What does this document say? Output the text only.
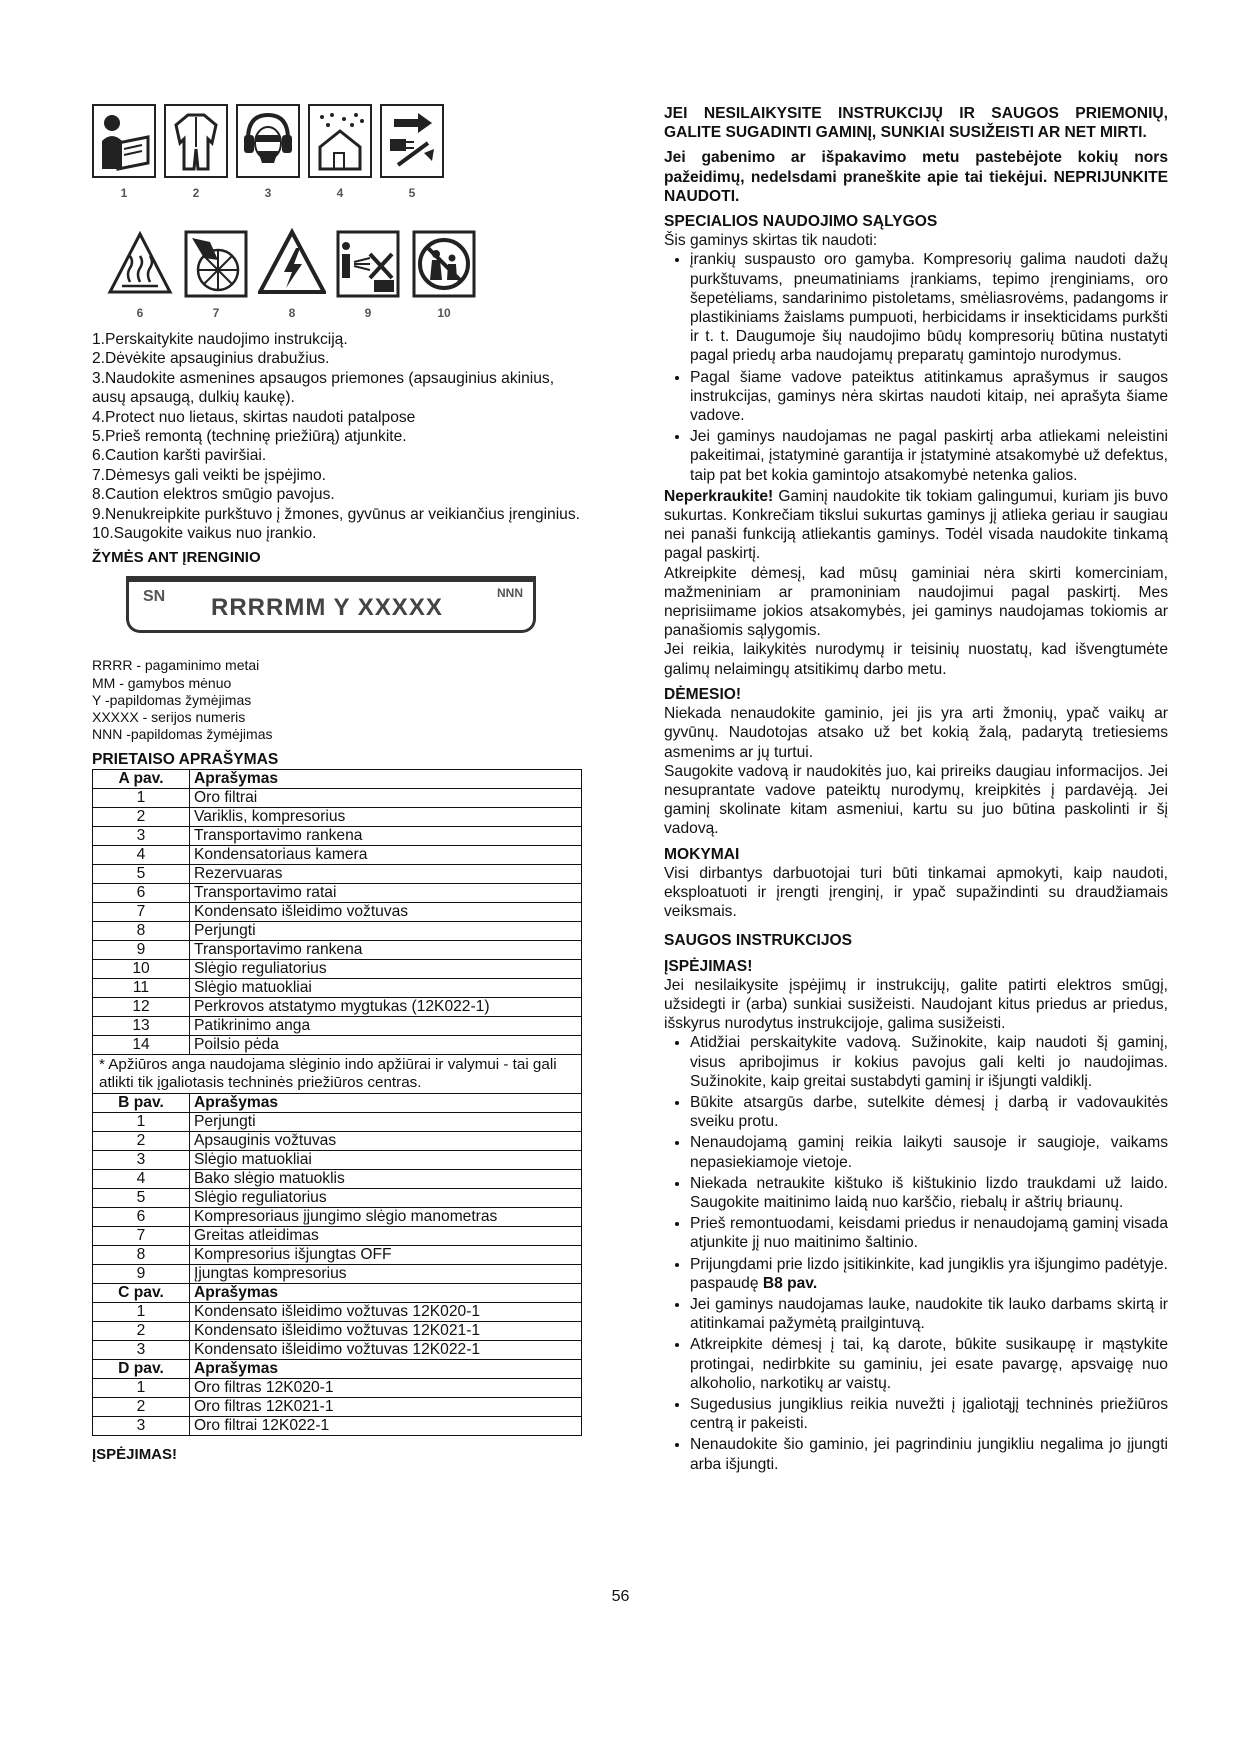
1	2	3	4	5
6	7	8	9	10
1.Perskaitykite naudojimo instrukciją.
2.Dėvėkite apsauginius drabužius.
3.Naudokite asmenines apsaugos priemones (apsauginius akinius, ausų apsaugą, dulkių kaukę).
4.Protect nuo lietaus, skirtas naudoti patalpose
5.Prieš remontą (techninę priežiūrą) atjunkite.
6.Caution karšti paviršiai.
7.Dėmesys gali veikti be įspėjimo.
8.Caution elektros smūgio pavojus.
9.Nenukreipkite purkštuvo į žmones, gyvūnus ar veikiančius įrenginius.
10.Saugokite vaikus nuo įrankio.
ŽYMĖS ANT ĮRENGINIO
SN RRRRMM Y XXXXX
NNN
RRRR - pagaminimo metai
MM - gamybos mėnuo
Y -papildomas žymėjimas
XXXXX - serijos numeris
NNN -papildomas žymėjimas
PRIETAISO APRAŠYMAS
A pav.	Aprašymas
1	Oro filtrai
2	Variklis, kompresorius
3	Transportavimo rankena
4	Kondensatoriaus kamera
5	Rezervuaras
6	Transportavimo ratai
7	Kondensato išleidimo vožtuvas
8	Perjungti
9	Transportavimo rankena
10	Slėgio reguliatorius
11	Slėgio matuokliai
12	Perkrovos atstatymo mygtukas (12K022-1)
13	Patikrinimo anga
14	Poilsio pėda
* Apžiūros anga naudojama slėginio indo apžiūrai ir valymui - tai gali atlikti tik įgaliotasis techninės priežiūros centras.	
B pav.	Aprašymas
1	Perjungti
2	Apsauginis vožtuvas
3	Slėgio matuokliai
4	Bako slėgio matuoklis
5	Slėgio reguliatorius
6	Kompresoriaus įjungimo slėgio manometras
7	Greitas atleidimas
8	Kompresorius išjungtas OFF
9	Įjungtas kompresorius
C pav.	Aprašymas
1	Kondensato išleidimo vožtuvas 12K020-1
2	Kondensato išleidimo vožtuvas 12K021-1
3	Kondensato išleidimo vožtuvas 12K022-1
D pav.	Aprašymas
1	Oro filtras 12K020-1
2	Oro filtras 12K021-1
3	Oro filtrai 12K022-1
ĮSPĖJIMAS!

JEI NESILAIKYSITE INSTRUKCIJŲ IR SAUGOS PRIEMONIŲ, GALITE SUGADINTI GAMINĮ, SUNKIAI SUSIŽEISTI AR NET MIRTI.

Jei gabenimo ar išpakavimo metu pastebėjote kokių nors pažeidimų, nedelsdami praneškite apie tai tiekėjui. NEPRIJUNKITE NAUDOTI.

SPECIALIOS NAUDOJIMO SĄLYGOS
Šis gaminys skirtas tik naudoti:
• įrankių suspausto oro gamyba. Kompresorių galima naudoti dažų purkštuvams, pneumatiniams įrankiams, tepimo įrenginiams, oro šepetėliams, sandarinimo pistoletams, smėliasrovėms, padangoms ir plastikiniams žaislams pumpuoti, herbicidams ir insekticidams purkšti ir t. t. Daugumoje šių naudojimo būdų kompresorių būtina nustatyti pagal priedų arba naudojamų preparatų gamintojo nurodymus.
• Pagal šiame vadove pateiktus atitinkamus aprašymus ir saugos instrukcijas, gaminys nėra skirtas naudoti kitaip, nei aprašyta šiame vadove.
• Jei gaminys naudojamas ne pagal paskirtį arba atliekami neleistini pakeitimai, įstatyminė garantija ir įstatyminė atsakomybė už defektus, taip pat bet kokia gamintojo atsakomybė netenka galios.
Neperkraukite! Gaminį naudokite tik tokiam galingumui, kuriam jis buvo sukurtas. Konkrečiam tikslui sukurtas gaminys jį atlieka geriau ir saugiau nei panaši funkciją atliekantis gaminys. Todėl visada naudokite tinkamą pagal paskirtį.
Atkreipkite dėmesį, kad mūsų gaminiai nėra skirti komerciniam, mažmeniniam ar pramoniniam naudojimui pagal paskirtį. Mes neprisiimame jokios atsakomybės, jei gaminys naudojamas tokiomis ar panašiomis sąlygomis.
Jei reikia, laikykitės nurodymų ir teisinių nuostatų, kad išvengtumėte galimų nelaimingų atsitikimų darbo metu.
DĖMESIO!
Niekada nenaudokite gaminio, jei jis yra arti žmonių, ypač vaikų ar gyvūnų. Naudotojas atsako už bet kokią žalą, padarytą tretiesiems asmenims ar jų turtui.
Saugokite vadovą ir naudokitės juo, kai prireiks daugiau informacijos. Jei nesuprantate vadove pateiktų nurodymų, kreipkitės į pardavėją. Jei gaminį skolinate kitam asmeniui, kartu su juo būtina paskolinti ir šį vadovą.
MOKYMAI
Visi dirbantys darbuotojai turi būti tinkamai apmokyti, kaip naudoti, eksploatuoti ir įrengti įrenginį, ir ypač supažindinti su draudžiamais veiksmais.
SAUGOS INSTRUKCIJOS
ĮSPĖJIMAS!
Jei nesilaikysite įspėjimų ir instrukcijų, galite patirti elektros smūgį, užsidegti ir (arba) sunkiai susižeisti. Naudojant kitus priedus ar priedus, išskyrus nurodytus instrukcijoje, galima susižeisti.
• Atidžiai perskaitykite vadovą. Sužinokite, kaip naudoti šį gaminį, visus apribojimus ir kokius pavojus gali kelti jo naudojimas. Sužinokite, kaip greitai sustabdyti gaminį ir išjungti valdiklį.
• Būkite atsargūs darbe, sutelkite dėmesį į darbą ir vadovaukitės sveiku protu.
• Nenaudojamą gaminį reikia laikyti sausoje ir saugioje, vaikams nepasiekiamoje vietoje.
• Niekada netraukite kištuko iš kištukinio lizdo traukdami už laido. Saugokite maitinimo laidą nuo karščio, riebalų ir aštrių briaunų.
• Prieš remontuodami, keisdami priedus ir nenaudojamą gaminį visada atjunkite jį nuo maitinimo šaltinio.
• Prijungdami prie lizdo įsitikinkite, kad jungiklis yra išjungimo padėtyje. paspaudę B8 pav.
• Jei gaminys naudojamas lauke, naudokite tik lauko darbams skirtą ir atitinkamai pažymėtą prailgintuvą.
• Atkreipkite dėmesį į tai, ką darote, būkite susikaupę ir mąstykite protingai, nedirbkite su gaminiu, jei esate pavargę, apsvaigę nuo alkoholio, narkotikų ar vaistų.
• Sugedusius jungiklius reikia nuvežti į įgaliotąjį techninės priežiūros centrą ir pakeisti.
• Nenaudokite šio gaminio, jei pagrindiniu jungikliu negalima jo įjungti arba išjungti.
56
